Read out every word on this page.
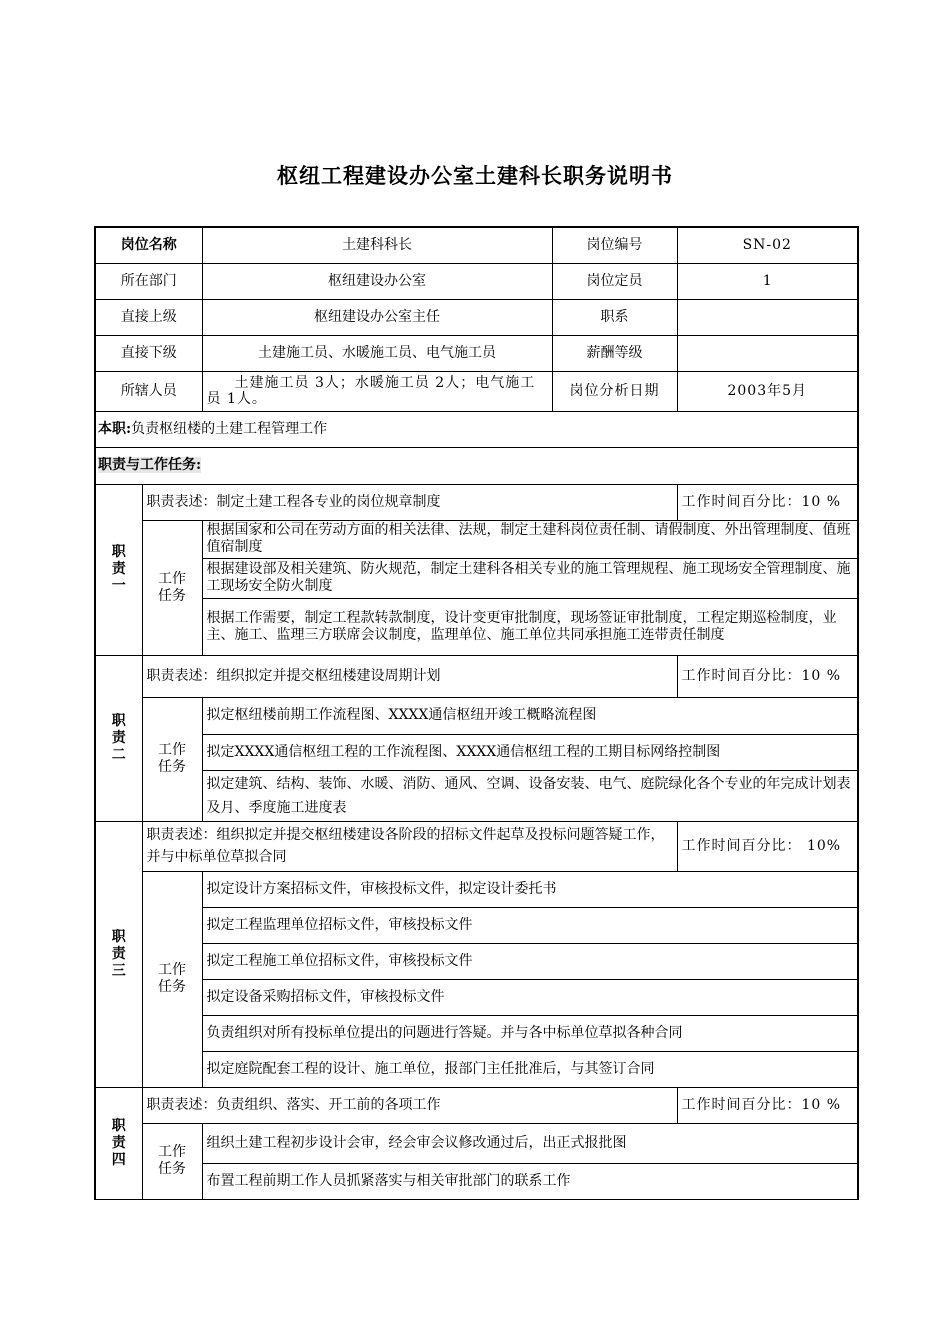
枢纽工程建设办公室土建科长职务说明书
岗位名称		土建科科长	岗位编号	SN-02
所在部门		枢纽建设办公室	岗位定员	1
直接上级		枢纽建设办公室主任	职系	
直接下级		土建施工员、水暖施工员、电气施工员	薪酬等级	
所辖人员		土建施工员 3人；水暖施工员 2人；电气施工员 1人。	岗位分析日期	2003年5月
本职:负责枢纽楼的土建工程管理工作				
职责与工作任务:				
职责一	职责表述：制定土建工程各专业的岗位规章制度			工作时间百分比：10 %
	工作任务	根据国家和公司在劳动方面的相关法律、法规，制定土建科岗位责任制、请假制度、外出管理制度、值班值宿制度		
		根据建设部及相关建筑、防火规范，制定土建科各相关专业的施工管理规程、施工现场安全管理制度、施工现场安全防火制度		
		根据工作需要，制定工程款转款制度，设计变更审批制度，现场签证审批制度，工程定期巡检制度，业主、施工、监理三方联席会议制度，监理单位、施工单位共同承担施工连带责任制度		
职责二	职责表述：组织拟定并提交枢纽楼建设周期计划			工作时间百分比：10 %
	工作任务	拟定枢纽楼前期工作流程图、XXXX通信枢纽开竣工概略流程图		
		拟定XXXX通信枢纽工程的工作流程图、XXXX通信枢纽工程的工期目标网络控制图		
		拟定建筑、结构、装饰、水暖、消防、通风、空调、设备安装、电气、庭院绿化各个专业的年完成计划表及月、季度施工进度表		
职责三	职责表述：组织拟定并提交枢纽楼建设各阶段的招标文件起草及投标问题答疑工作，并与中标单位草拟合同			工作时间百分比： 10%
	工作任务	拟定设计方案招标文件，审核投标文件，拟定设计委托书		
		拟定工程监理单位招标文件，审核投标文件		
		拟定工程施工单位招标文件，审核投标文件		
		拟定设备采购招标文件，审核投标文件		
		负责组织对所有投标单位提出的问题进行答疑。并与各中标单位草拟各种合同		
		拟定庭院配套工程的设计、施工单位，报部门主任批准后，与其签订合同		
职责四	职责表述：负责组织、落实、开工前的各项工作			工作时间百分比：10 %
	工作任务	组织土建工程初步设计会审，经会审会议修改通过后，出正式报批图		
		布置工程前期工作人员抓紧落实与相关审批部门的联系工作		
